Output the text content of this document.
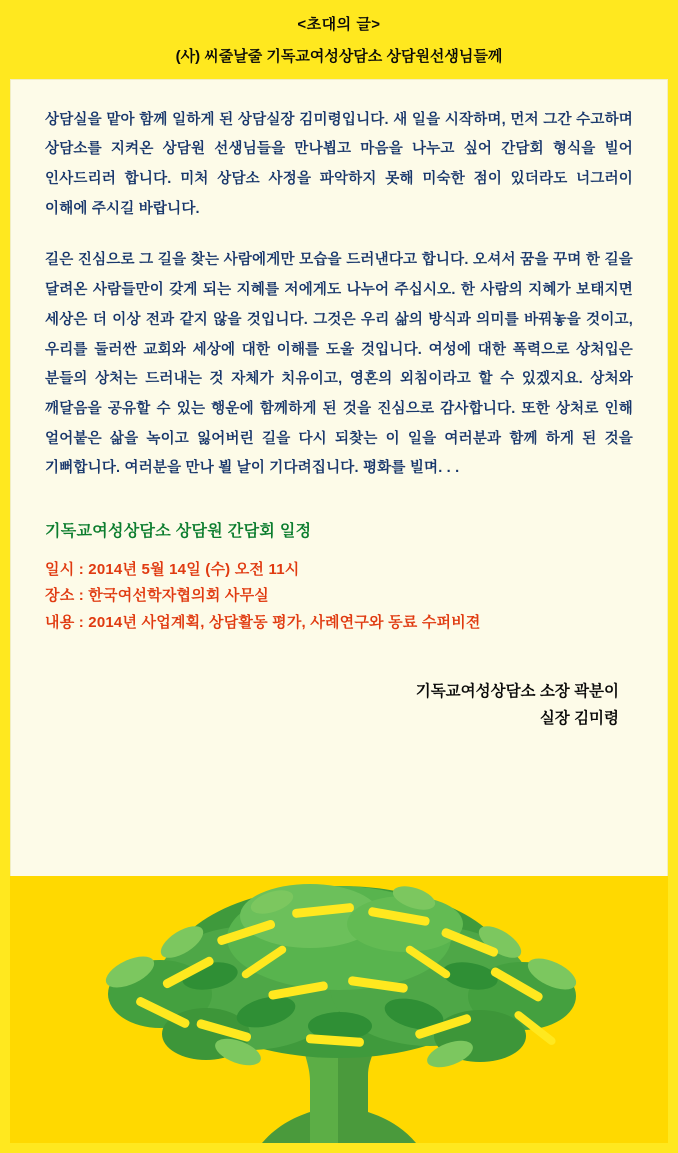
<초대의 글>
(사) 씨줄날줄 기독교여성상담소 상담원선생님들께

상담실을 맡아 함께 일하게 된 상담실장 김미령입니다. 새 일을 시작하며, 먼저 그간 수고하며 상담소를 지켜온 상담원 선생님들을 만나뵙고 마음을 나누고 싶어 간담회 형식을 빌어 인사드리러 합니다. 미처 상담소 사정을 파악하지 못해 미숙한 점이 있더라도 너그러이 이해에 주시길 바랍니다.

길은 진심으로 그 길을 찾는 사람에게만 모습을 드러낸다고 합니다. 오셔서 꿈을 꾸며 한 길을 달려온 사람들만이 갖게 되는 지혜를 저에게도 나누어 주십시오. 한 사람의 지혜가 보태지면 세상은 더 이상 전과 같지 않을 것입니다. 그것은 우리 삶의 방식과 의미를 바꿔놓을 것이고, 우리를 둘러싼 교회와 세상에 대한 이해를 도울 것입니다. 여성에 대한 폭력으로 상처입은 분들의 상처는 드러내는 것 자체가 치유이고, 영혼의 외침이라고 할 수 있겠지요. 상처와 깨달음을 공유할 수 있는 행운에 함께하게 된 것을 진심으로 감사합니다. 또한 상처로 인해 얼어붙은 삶을 녹이고 잃어버린 길을 다시 되찾는 이 일을 여러분과 함께 하게 된 것을 기뻐합니다. 여러분을 만나 뵐 날이 기다려집니다. 평화를 빌며. . .

기독교여성상담소 상담원 간담회 일정
일시 : 2014년 5월 14일 (수) 오전 11시
장소 : 한국여선학자협의회 사무실
내용 : 2014년 사업계획, 상담활동 평가, 사례연구와 동료 수퍼비젼
기독교여성상담소 소장 곽분이
실장 김미령
